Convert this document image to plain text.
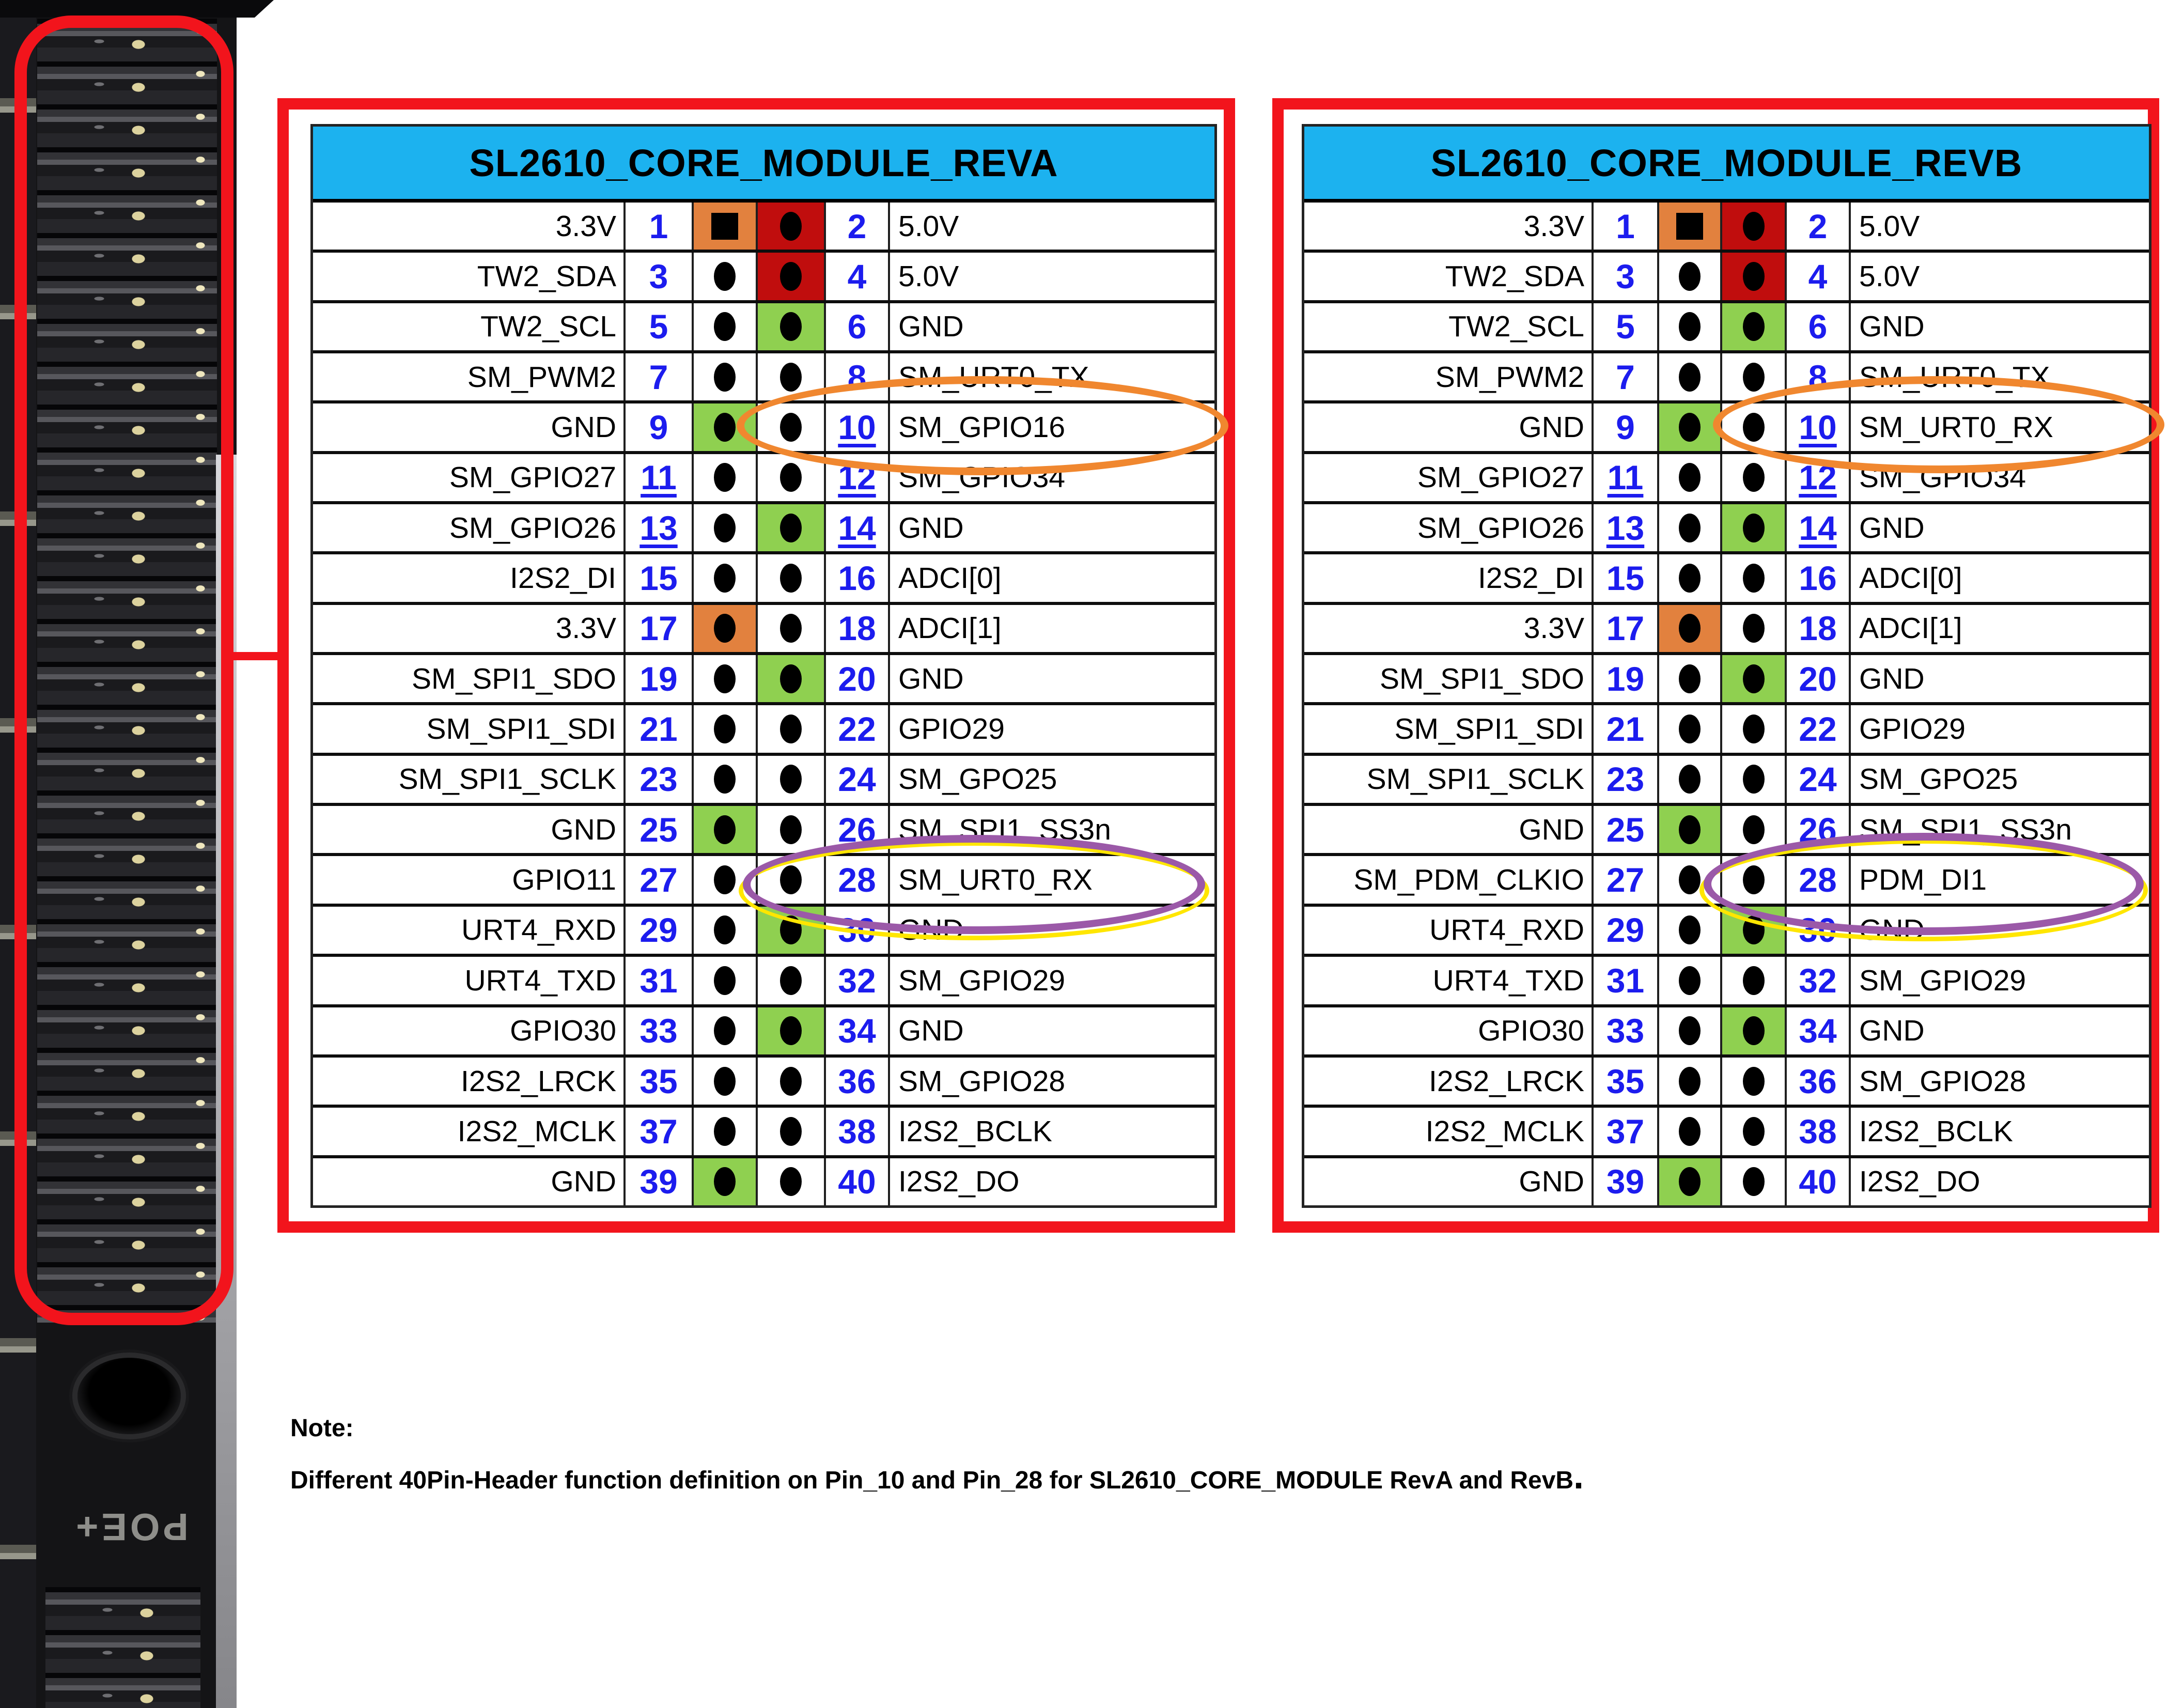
POE+
SL2610_CORE_MODULE_REVA
3.3V 1	2	5.0V
TW2_SDA 3	4	5.0V
TW2_SCL 5	6	GND
SM_PWM2 7	8	SM_URT0_TX
GND 9	10 SM_GPIO16
SM_GPIO27 11	12 SM_GPIO34
SM_GPIO26 13	14 GND
I2S2_DI 15	16 ADCI[0]
3.3V 17	18 ADCI[1]
SM_SPI1_SDO 19	20 GND
SM_SPI1_SDI 21	22 GPIO29
SM_SPI1_SCLK 23	24 SM_GPO25
GND 25	26 SM_SPI1_SS3n
GPIO11 27	28 SM_URT0_RX
URT4_RXD 29	30 GND
URT4_TXD 31	32 SM_GPIO29
GPIO30 33	34 GND
I2S2_LRCK 35	36 SM_GPIO28
I2S2_MCLK 37	38 I2S2_BCLK
GND 39	40 I2S2_DO
SL2610_CORE_MODULE_REVB
3.3V 1	2	5.0V
TW2_SDA 3	4	5.0V
TW2_SCL 5	6	GND
SM_PWM2 7	8	SM_URT0_TX
GND 9	10 SM_URT0_RX
SM_GPIO27 11	12 SM_GPIO34
SM_GPIO26 13	14 GND
I2S2_DI 15	16 ADCI[0]
3.3V 17	18 ADCI[1]
SM_SPI1_SDO 19	20 GND
SM_SPI1_SDI 21	22 GPIO29
SM_SPI1_SCLK 23	24 SM_GPO25
GND 25	26 SM_SPI1_SS3n
SM_PDM_CLKIO 27	28 PDM_DI1
URT4_RXD 29	30 GND
URT4_TXD 31	32 SM_GPIO29
GPIO30 33	34 GND
I2S2_LRCK 35	36 SM_GPIO28
I2S2_MCLK 37	38 I2S2_BCLK
GND 39	40 I2S2_DO
Note:
Different 40Pin-Header function definition on Pin_10 and Pin_28 for SL2610_CORE_MODULE RevA and RevB.
